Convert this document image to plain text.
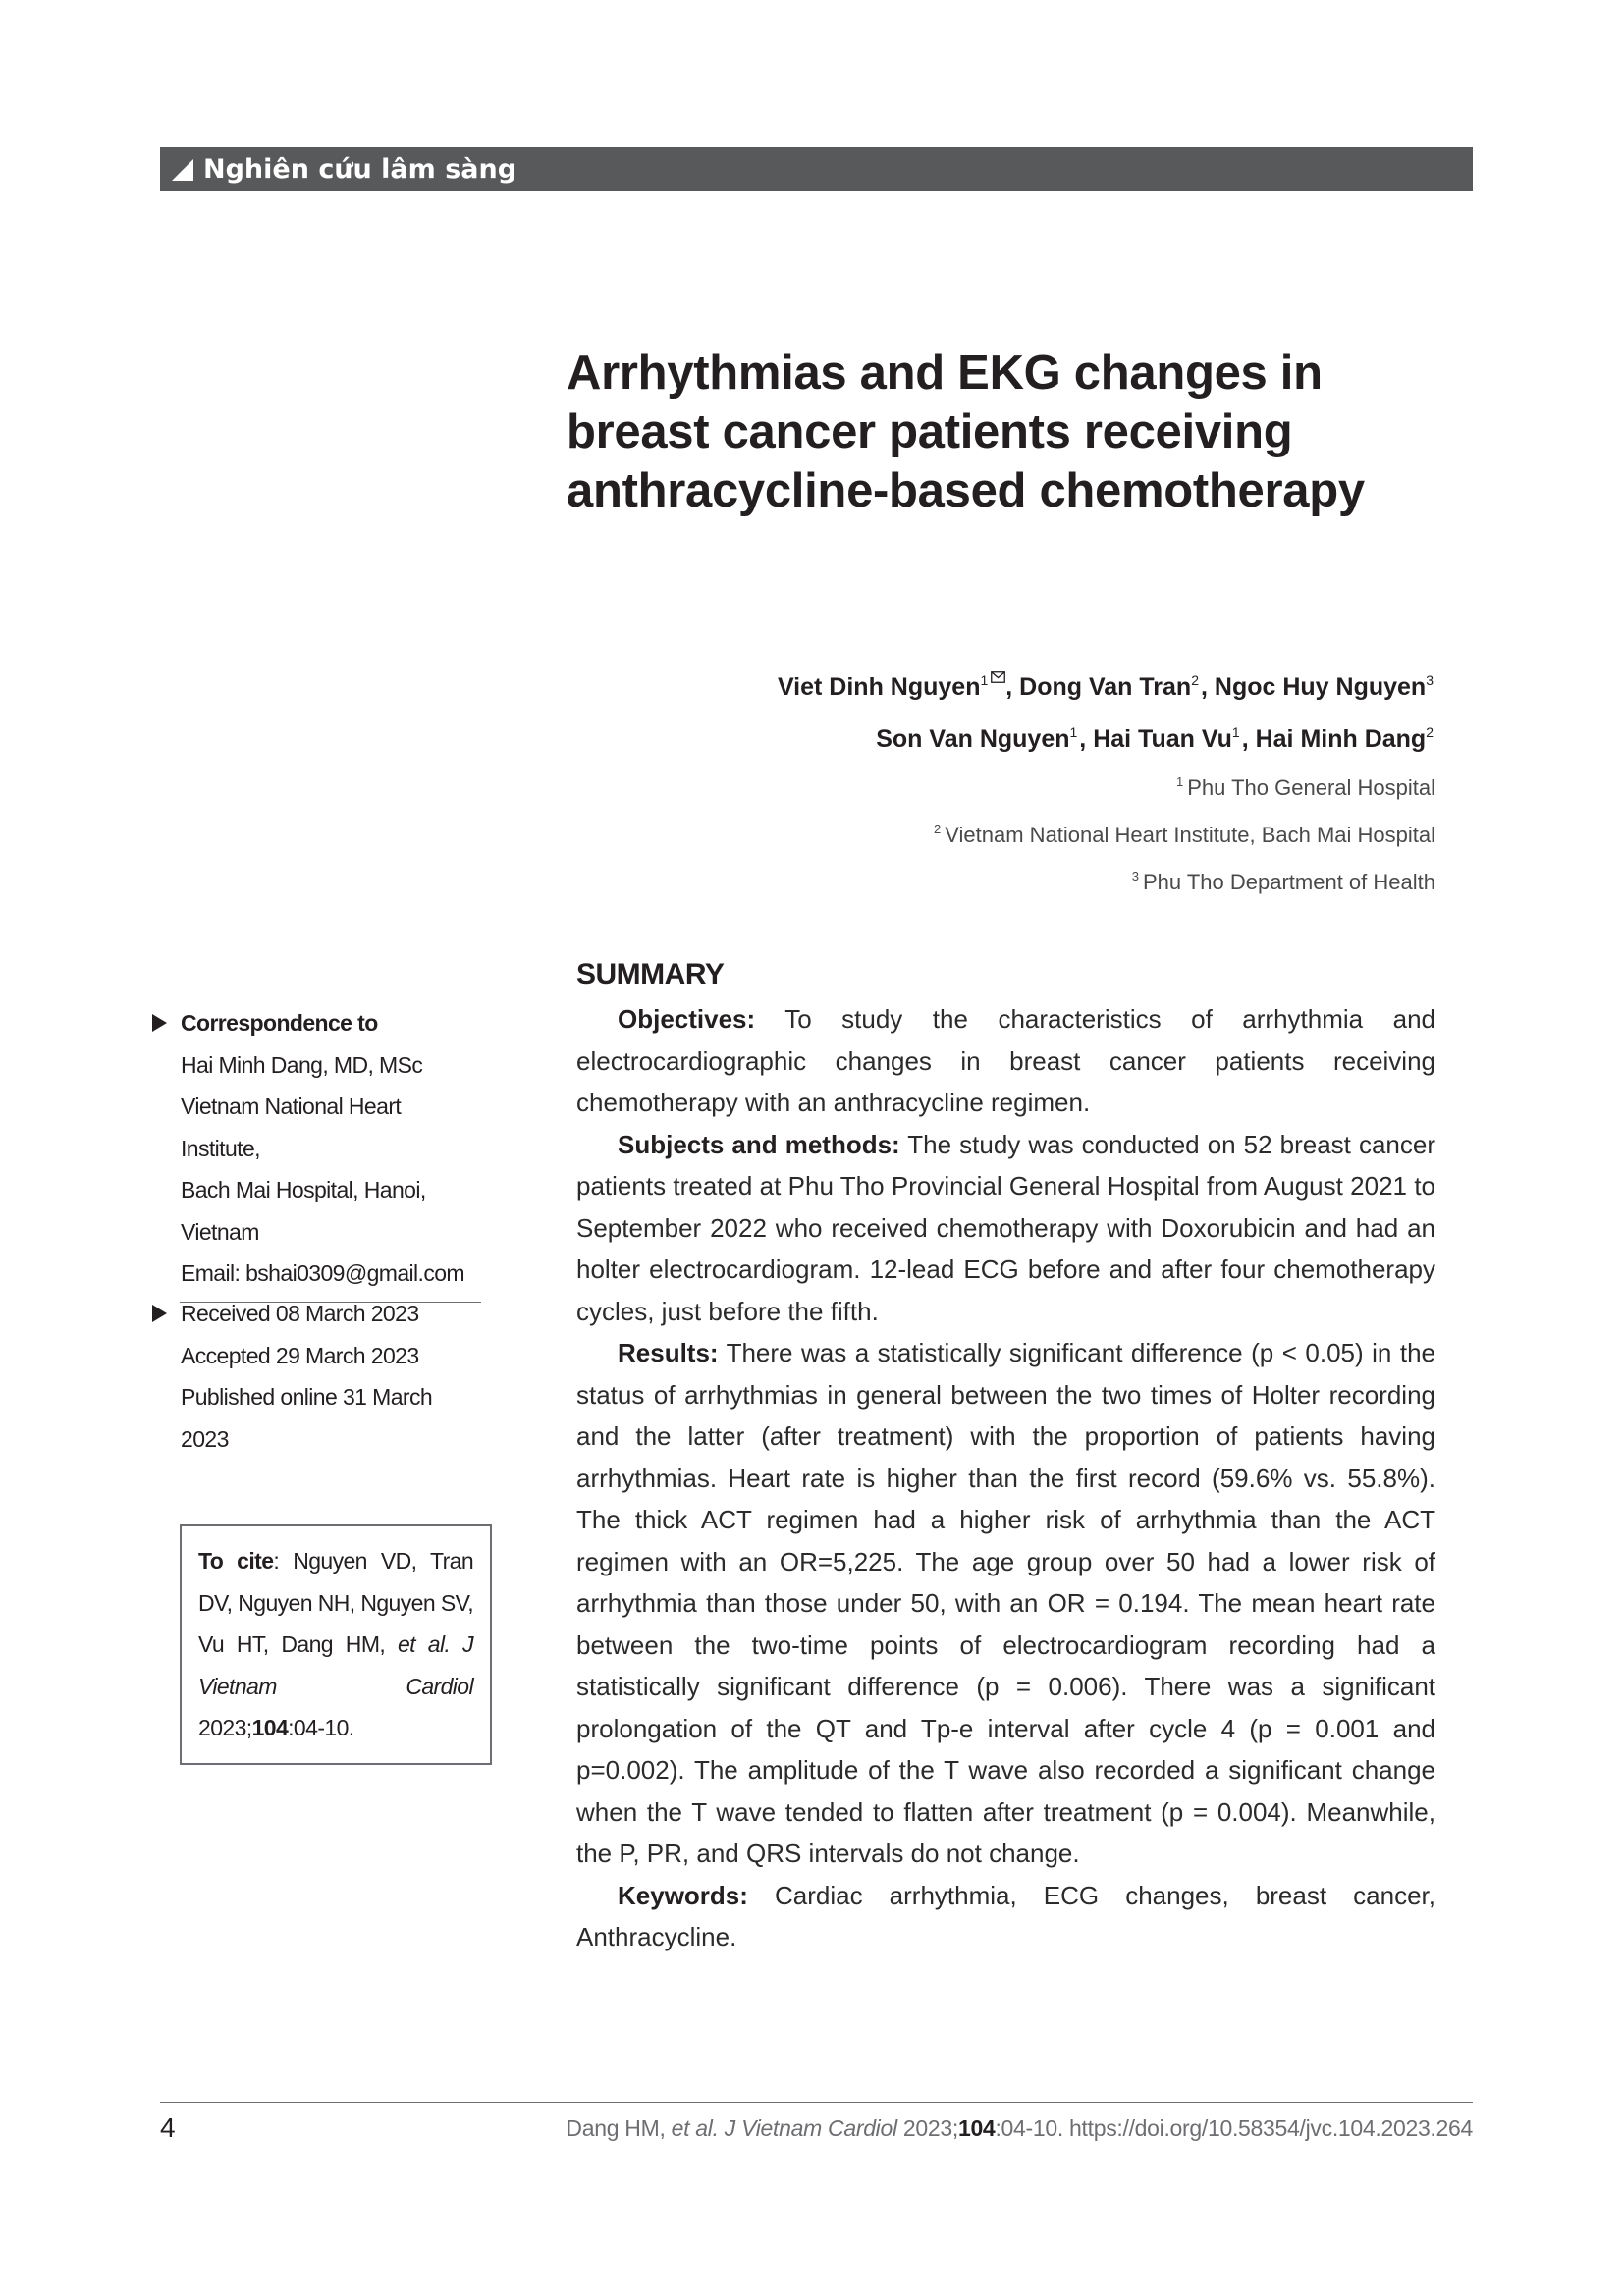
Nghiên cứu lâm sàng
Arrhythmias and EKG changes in breast cancer patients receiving anthracycline-based chemotherapy
Viet Dinh Nguyen$^1$ , Dong Van Tran$^2$, Ngoc Huy Nguyen$^3$
Son Van Nguyen$^1$, Hai Tuan Vu$^1$, Hai Minh Dang$^2$
$^1$ Phu Tho General Hospital
$^2$ Vietnam National Heart Institute, Bach Mai Hospital
$^3$ Phu Tho Department of Health
Correspondence to
Hai Minh Dang, MD, MSc
Vietnam National Heart Institute,
Bach Mai Hospital, Hanoi, Vietnam
Email: bshai0309@gmail.com
Received 08 March 2023
Accepted 29 March 2023
Published online 31 March 2023
To cite: Nguyen VD, Tran DV, Nguyen NH, Nguyen SV, Vu HT, Dang HM, et al. J Vietnam Cardiol 2023;104:04-10.
SUMMARY

Objectives: To study the characteristics of arrhythmia and electrocardiographic changes in breast cancer patients receiving chemotherapy with an anthracycline regimen.

Subjects and methods: The study was conducted on 52 breast cancer patients treated at Phu Tho Provincial General Hospital from August 2021 to September 2022 who received chemotherapy with Doxorubicin and had an holter electrocardiogram. 12-lead ECG before and after four chemotherapy cycles, just before the fifth.

Results: There was a statistically significant difference (p < 0.05) in the status of arrhythmias in general between the two times of Holter recording and the latter (after treatment) with the proportion of patients having arrhythmias. Heart rate is higher than the first record (59.6% vs. 55.8%). The thick ACT regimen had a higher risk of arrhythmia than the ACT regimen with an OR=5,225. The age group over 50 had a lower risk of arrhythmia than those under 50, with an OR = 0.194. The mean heart rate between the two-time points of electrocardiogram recording had a statistically significant difference (p = 0.006). There was a significant prolongation of the QT and Tp-e interval after cycle 4 (p = 0.001 and p=0.002). The amplitude of the T wave also recorded a significant change when the T wave tended to flatten after treatment (p = 0.004). Meanwhile, the P, PR, and QRS intervals do not change.

Keywords: Cardiac arrhythmia, ECG changes, breast cancer, Anthracycline.

4	Dang HM, et al. J Vietnam Cardiol 2023;104:04-10. https://doi.org/10.58354/jvc.104.2023.264
